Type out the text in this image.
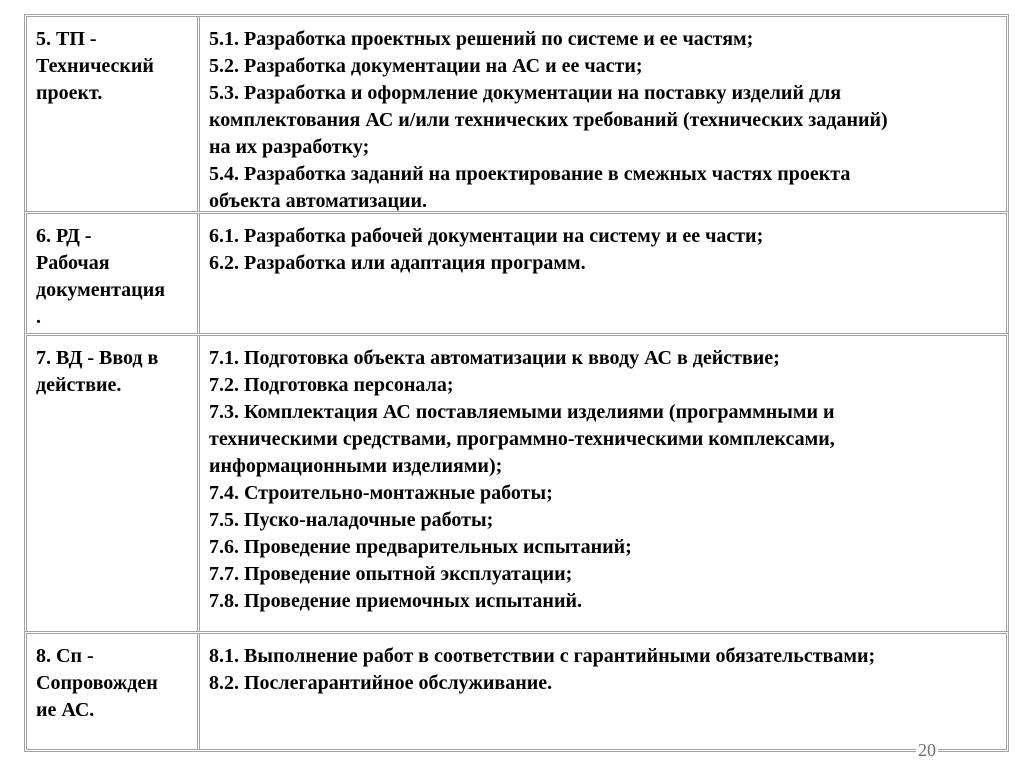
5. ТП -
Технический
проект.
5.1. Разработка проектных решений по системе и ее частям;
5.2. Разработка документации на АС и ее части;
5.3. Разработка и оформление документации на поставку изделий для
комплектования АС и/или технических требований (технических заданий)
на их разработку;
5.4. Разработка заданий на проектирование в смежных частях проекта
объекта автоматизации.
6. РД -
Рабочая
документация
.
6.1. Разработка рабочей документации на систему и ее части;
6.2. Разработка или адаптация программ.
7. ВД - Ввод в
действие.
7.1. Подготовка объекта автоматизации к вводу АС в действие;
7.2. Подготовка персонала;
7.3. Комплектация АС поставляемыми изделиями (программными и
техническими средствами, программно-техническими комплексами,
информационными изделиями);
7.4. Строительно-монтажные работы;
7.5. Пуско-наладочные работы;
7.6. Проведение предварительных испытаний;
7.7. Проведение опытной эксплуатации;
7.8. Проведение приемочных испытаний.
8. Сп -
Сопровожден
ие АС.
8.1. Выполнение работ в соответствии с гарантийными обязательствами;
8.2. Послегарантийное обслуживание.
20
